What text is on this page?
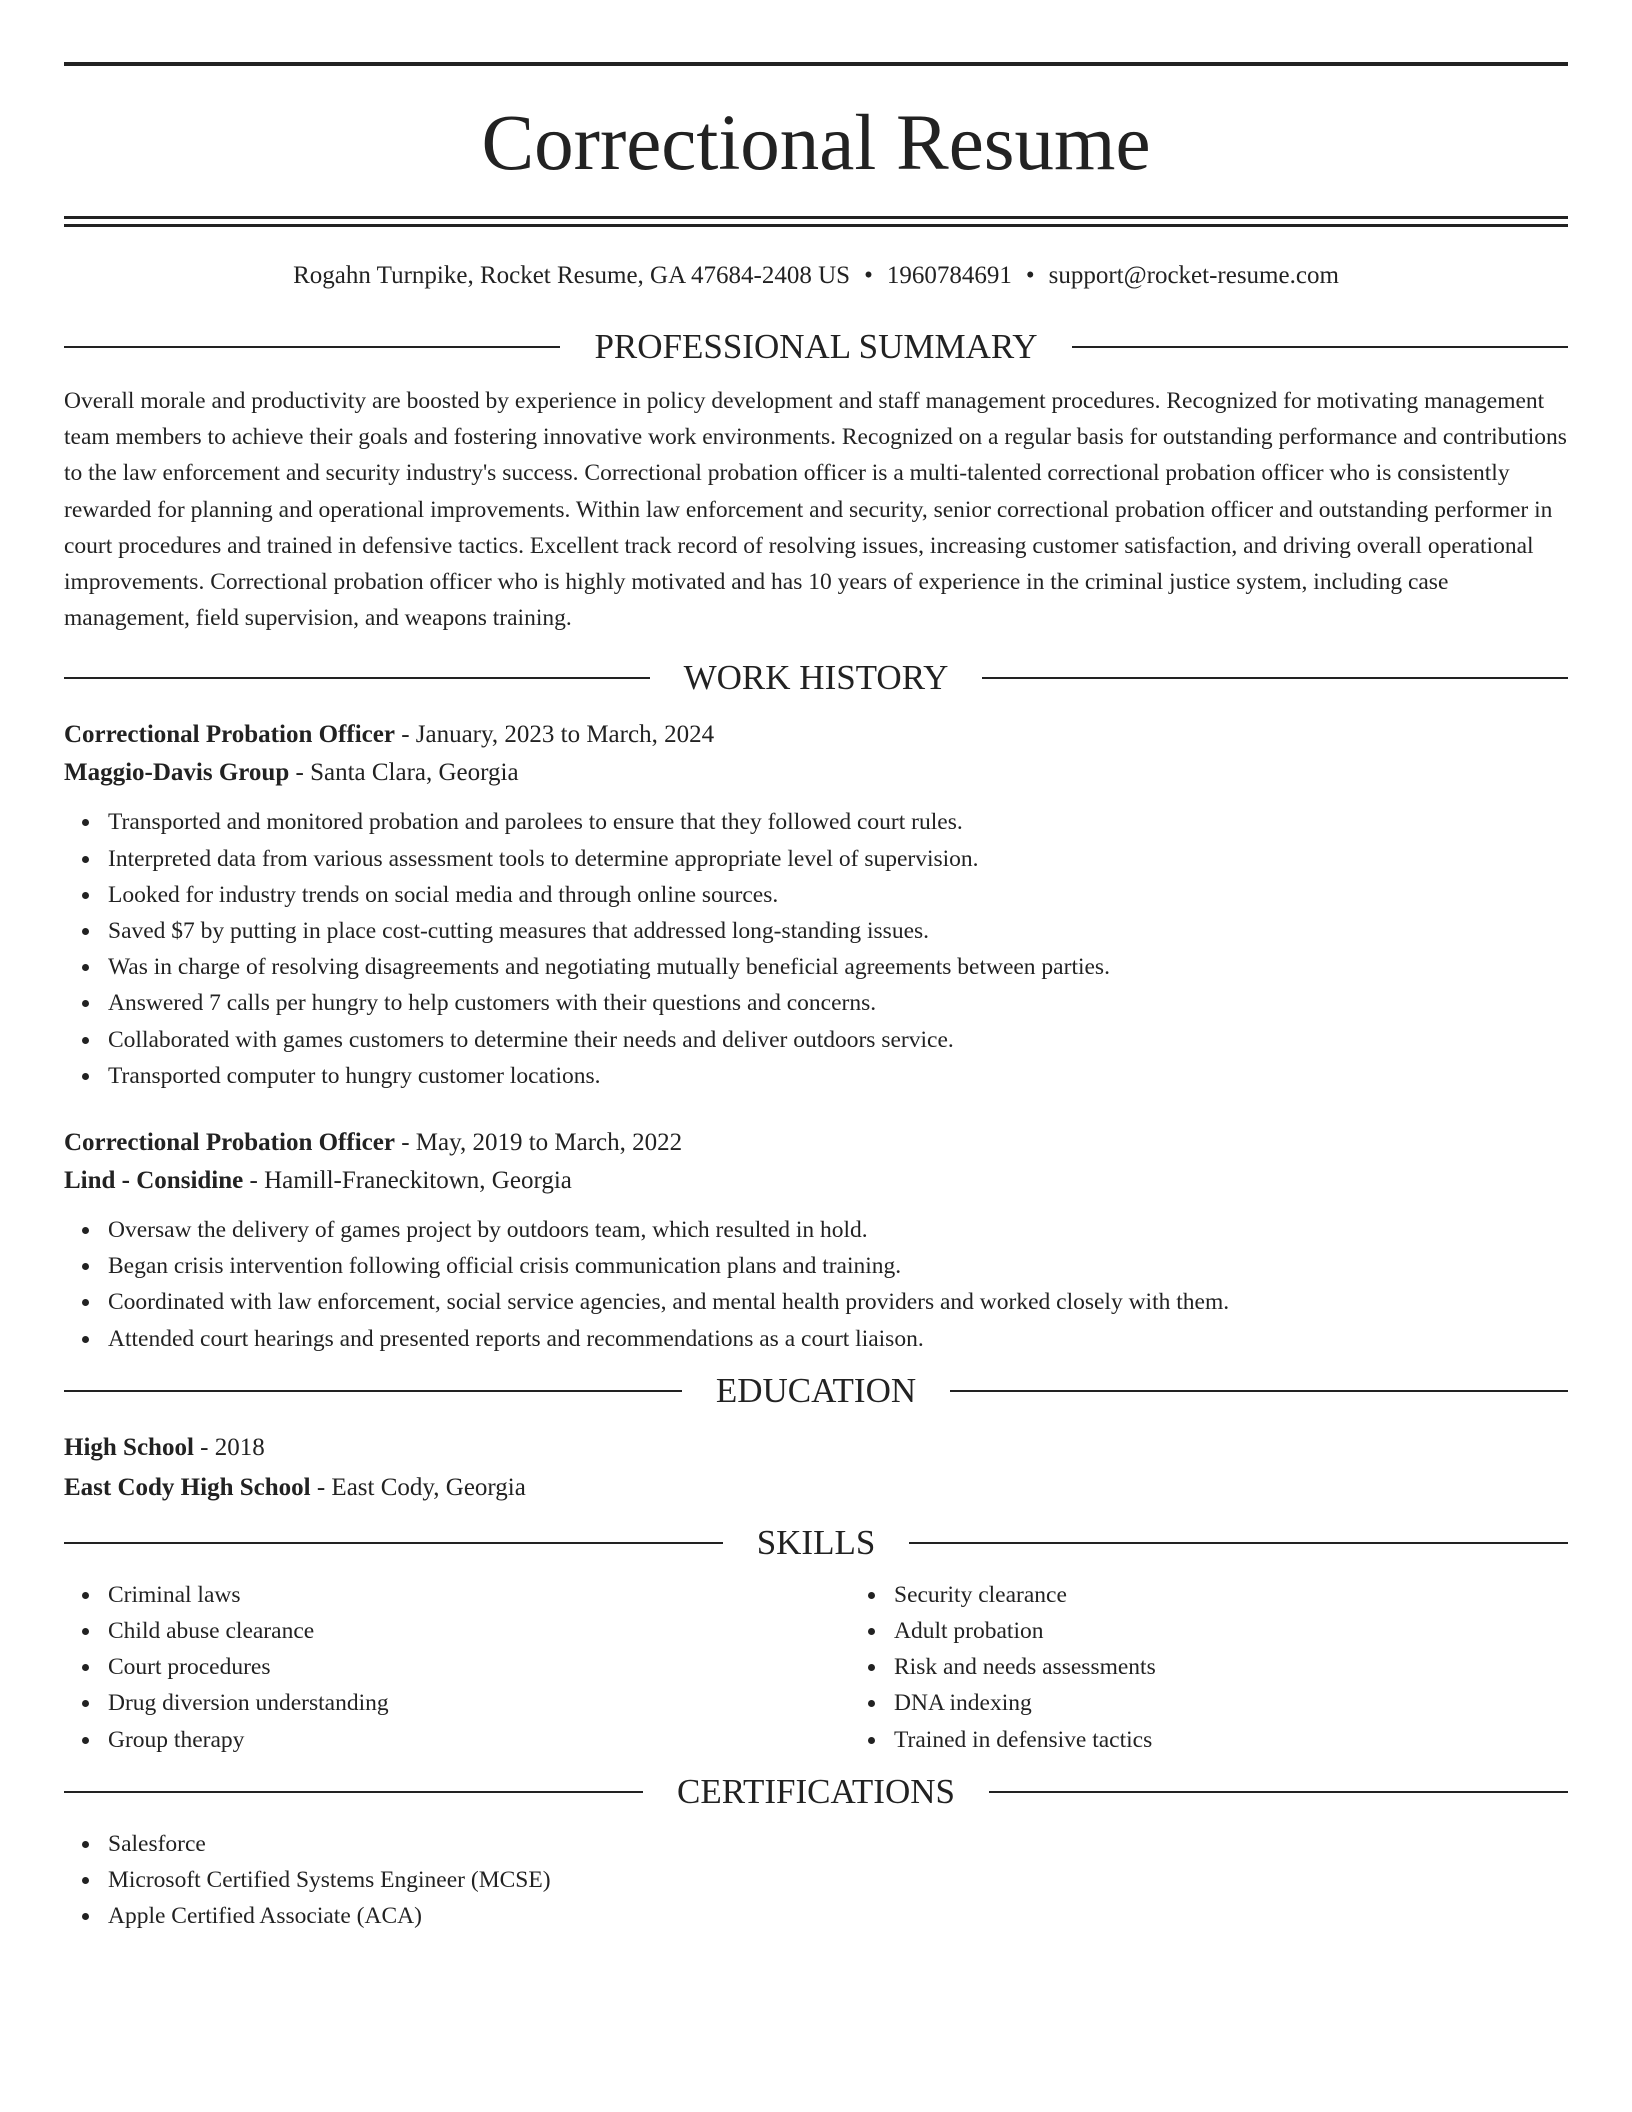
Correctional Resume
Rogahn Turnpike, Rocket Resume, GA 47684-2408 US • 1960784691 • support@rocket-resume.com
PROFESSIONAL SUMMARY

Overall morale and productivity are boosted by experience in policy development and staff management procedures. Recognized for motivating management team members to achieve their goals and fostering innovative work environments. Recognized on a regular basis for outstanding performance and contributions to the law enforcement and security industry's success. Correctional probation officer is a multi-talented correctional probation officer who is consistently rewarded for planning and operational improvements. Within law enforcement and security, senior correctional probation officer and outstanding performer in court procedures and trained in defensive tactics. Excellent track record of resolving issues, increasing customer satisfaction, and driving overall operational improvements. Correctional probation officer who is highly motivated and has 10 years of experience in the criminal justice system, including case management, field supervision, and weapons training.

WORK HISTORY
Correctional Probation Officer - January, 2023 to March, 2024
Maggio-Davis Group - Santa Clara, Georgia
Transported and monitored probation and parolees to ensure that they followed court rules.
Interpreted data from various assessment tools to determine appropriate level of supervision.
Looked for industry trends on social media and through online sources.
Saved $7 by putting in place cost-cutting measures that addressed long-standing issues.
Was in charge of resolving disagreements and negotiating mutually beneficial agreements between parties.
Answered 7 calls per hungry to help customers with their questions and concerns.
Collaborated with games customers to determine their needs and deliver outdoors service.
Transported computer to hungry customer locations.
Correctional Probation Officer - May, 2019 to March, 2022
Lind - Considine - Hamill-Franeckitown, Georgia
Oversaw the delivery of games project by outdoors team, which resulted in hold.
Began crisis intervention following official crisis communication plans and training.
Coordinated with law enforcement, social service agencies, and mental health providers and worked closely with them.
Attended court hearings and presented reports and recommendations as a court liaison.
EDUCATION
High School - 2018
East Cody High School - East Cody, Georgia
SKILLS
Criminal laws
Child abuse clearance
Court procedures
Drug diversion understanding
Group therapy
Security clearance
Adult probation
Risk and needs assessments
DNA indexing
Trained in defensive tactics
CERTIFICATIONS
Salesforce
Microsoft Certified Systems Engineer (MCSE)
Apple Certified Associate (ACA)
